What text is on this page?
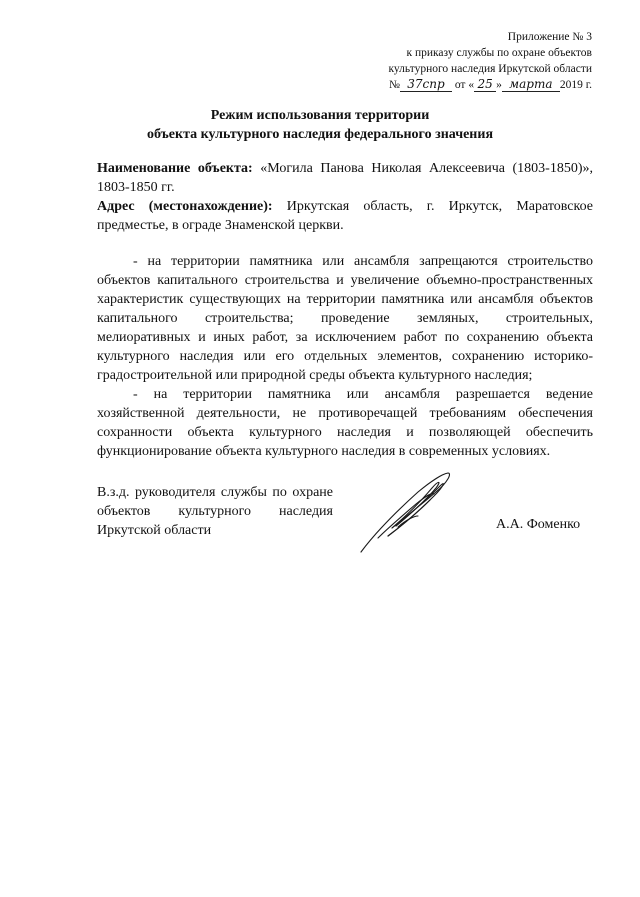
Приложение № 3
к приказу службы по охране объектов
культурного наследия Иркутской области
№ 37спр от « 25 » марта 2019 г.
Режим использования территории
объекта культурного наследия федерального значения

Наименование объекта: «Могила Панова Николая Алексеевича (1803-1850)», 1803-1850 гг.

Адрес (местонахождение): Иркутская область, г. Иркутск, Маратовское предместье, в ограде Знаменской церкви.

- на территории памятника или ансамбля запрещаются строительство объектов капитального строительства и увеличение объемно-пространственных характеристик существующих на территории памятника или ансамбля объектов капитального строительства; проведение земляных, строительных, мелиоративных и иных работ, за исключением работ по сохранению объекта культурного наследия или его отдельных элементов, сохранению историко-градостроительной или природной среды объекта культурного наследия;

- на территории памятника или ансамбля разрешается ведение хозяйственной деятельности, не противоречащей требованиям обеспечения сохранности объекта культурного наследия и позволяющей обеспечить функционирование объекта культурного наследия в современных условиях.

В.з.д. руководителя службы по охране объектов культурного наследия Иркутской области	А.А. Фоменко
